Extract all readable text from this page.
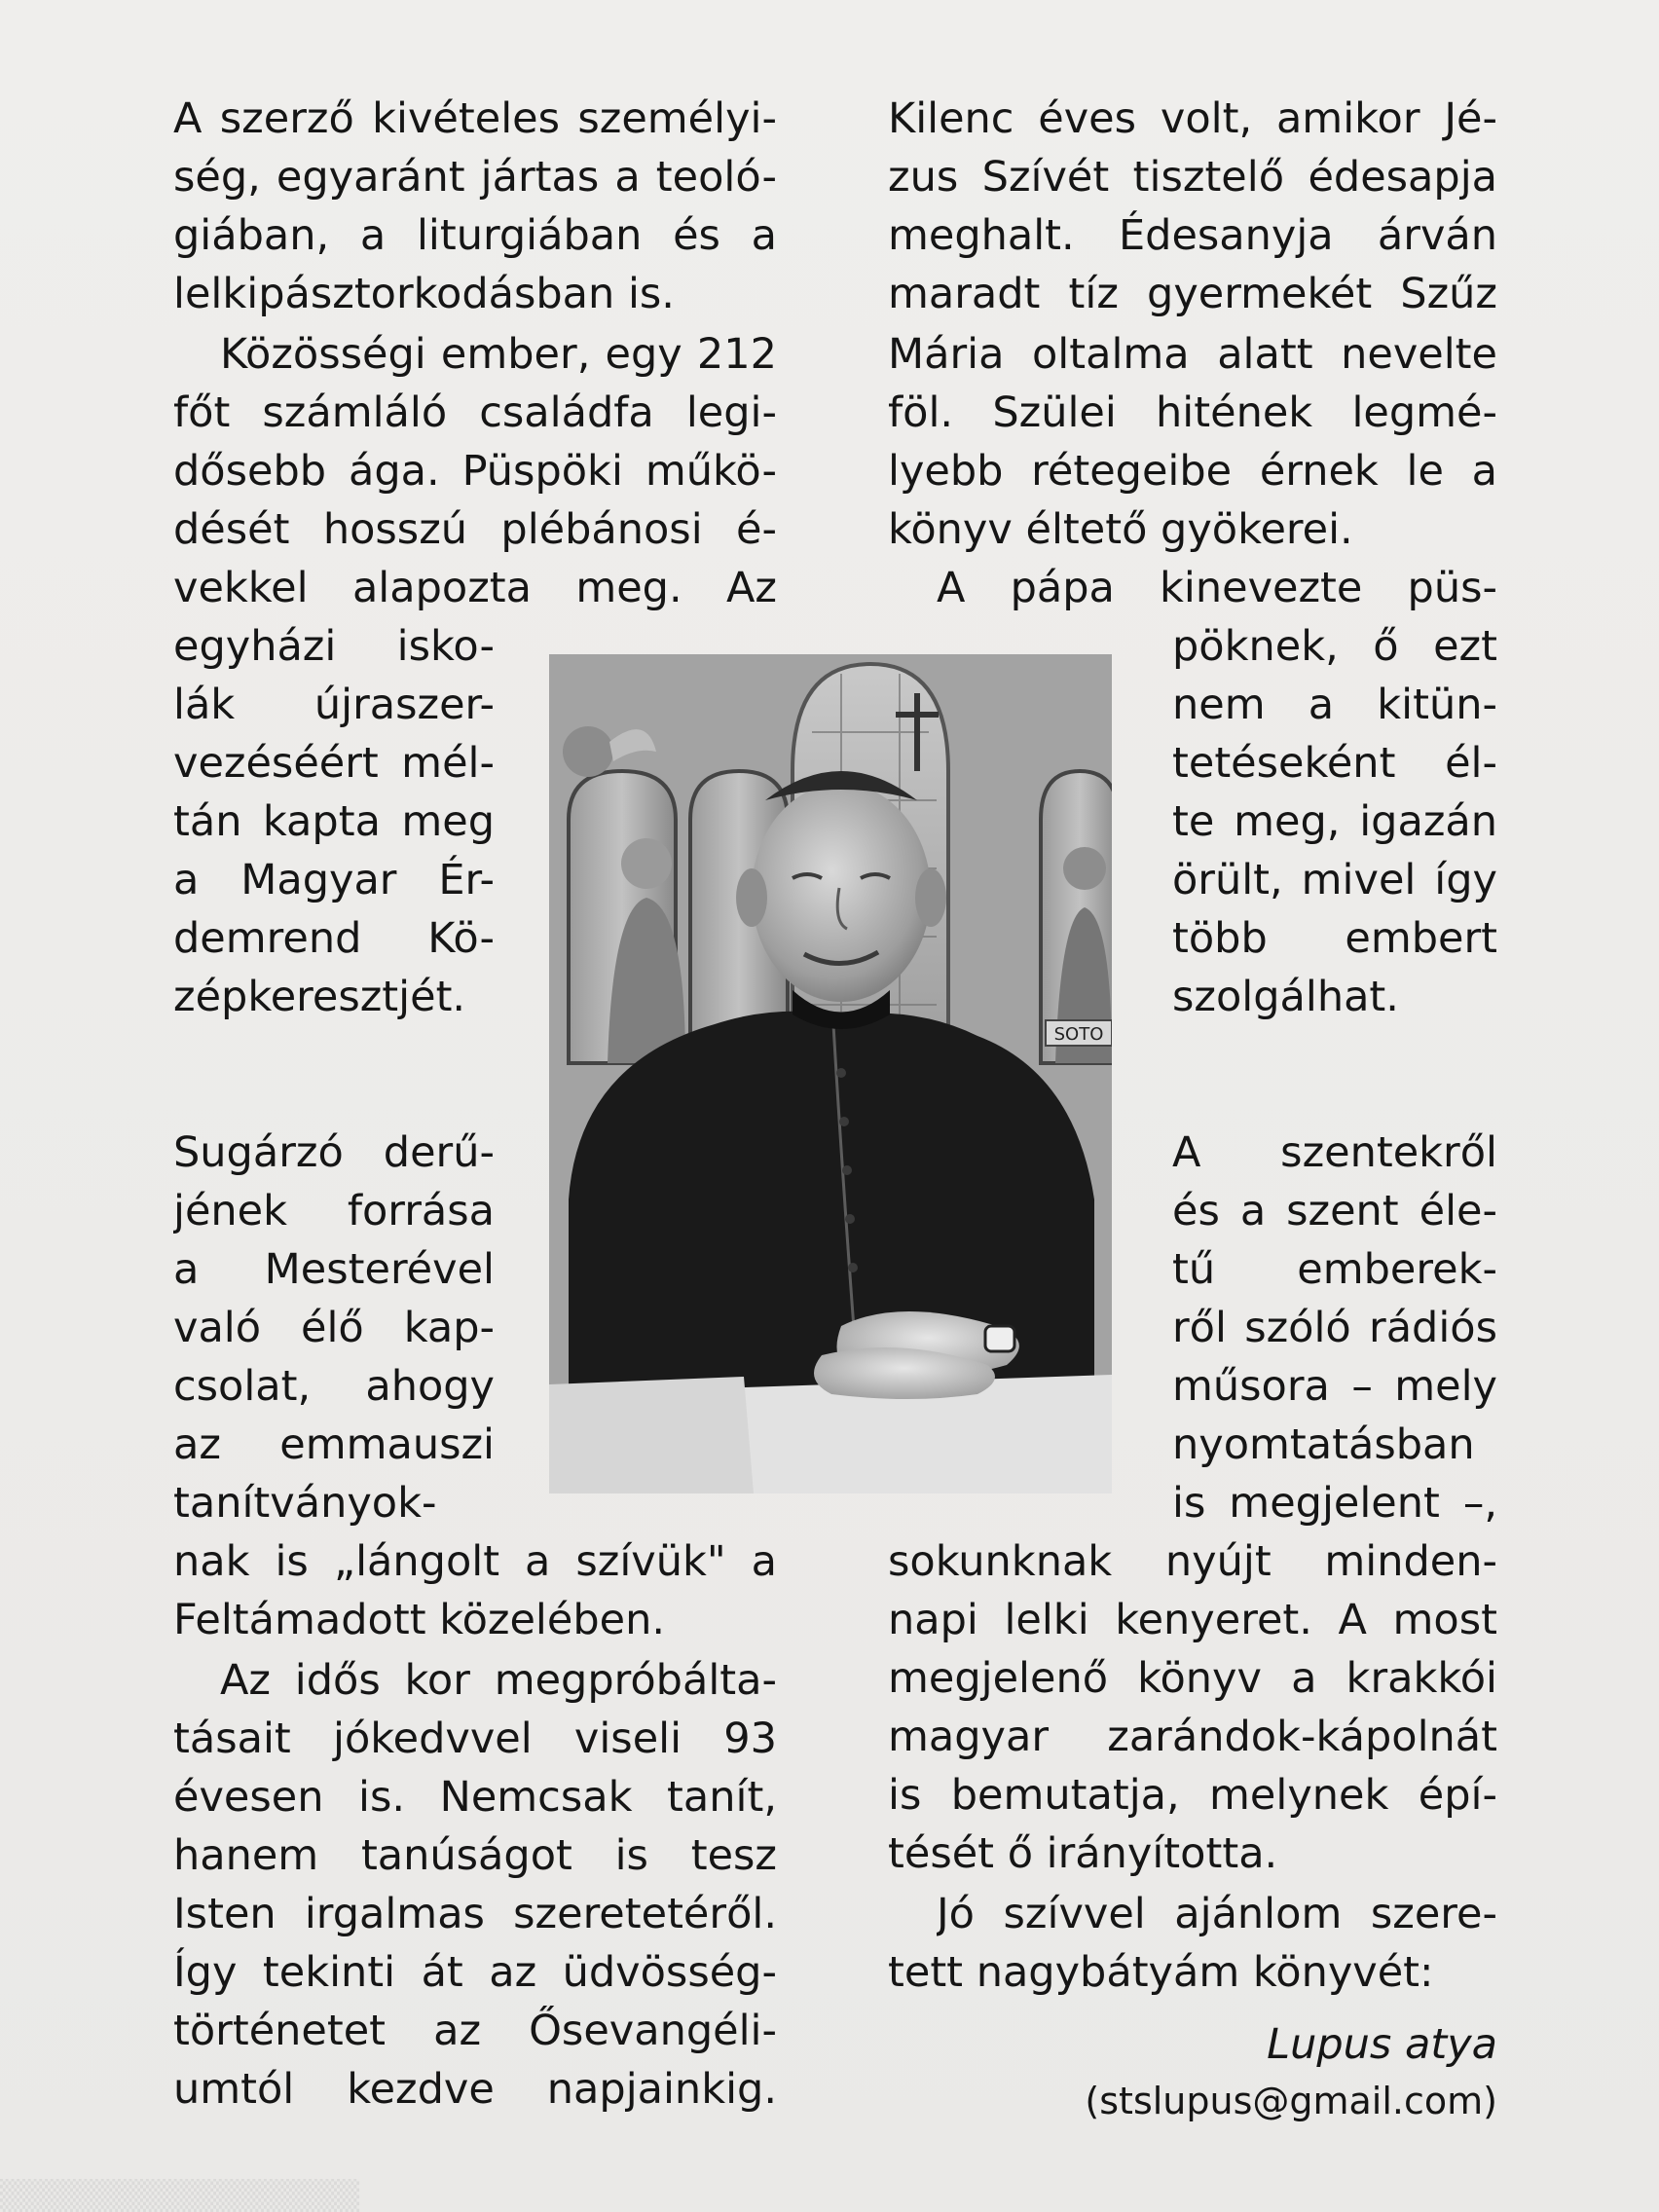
A szerző kivételes személyi-
ség, egyaránt jártas a teoló-
giában, a liturgiában és a
lelkipásztorkodásban is.
Közösségi ember, egy 212
főt számláló családfa legi-
dősebb ága. Püspöki műkö-
dését hosszú plébánosi é-
vekkel alapozta meg. Az
egyházi isko-
lák újraszer-
vezéséért mél-
tán kapta meg
a Magyar Ér-
demrend Kö-
zépkeresztjét.
Sugárzó derű-
jének forrása
a Mesterével
való élő kap-
csolat, ahogy
az emmauszi
tanítványok-
nak is „lángolt a szívük" a
Feltámadott közelében.
Az idős kor megpróbálta-
tásait jókedvvel viseli 93
évesen is. Nemcsak tanít,
hanem tanúságot is tesz
Isten irgalmas szeretetéről.
Így tekinti át az üdvösség-
történetet az Ősevangéli-
umtól kezdve napjainkig.
Kilenc éves volt, amikor Jé-
zus Szívét tisztelő édesapja
meghalt. Édesanyja árván
maradt tíz gyermekét Szűz
Mária oltalma alatt nevelte
föl. Szülei hitének legmé-
lyebb rétegeibe érnek le a
könyv éltető gyökerei.
A pápa kinevezte püs-
pöknek, ő ezt
nem a kitün-
tetéseként él-
te meg, igazán
örült, mivel így
több embert
szolgálhat.
A szentekről
és a szent éle-
tű emberek-
ről szóló rádiós
műsora – mely
nyomtatásban
is megjelent –,
sokunknak nyújt minden-
napi lelki kenyeret. A most
megjelenő könyv a krakkói
magyar zarándok-kápolnát
is bemutatja, melynek épí-
tését ő irányította.
Jó szívvel ajánlom szere-
tett nagybátyám könyvét:
Lupus atya
(stslupus@gmail.com)
SOTO
▒▒▒▒▒▒▒▒▒▒▒▒▒▒▒▒
